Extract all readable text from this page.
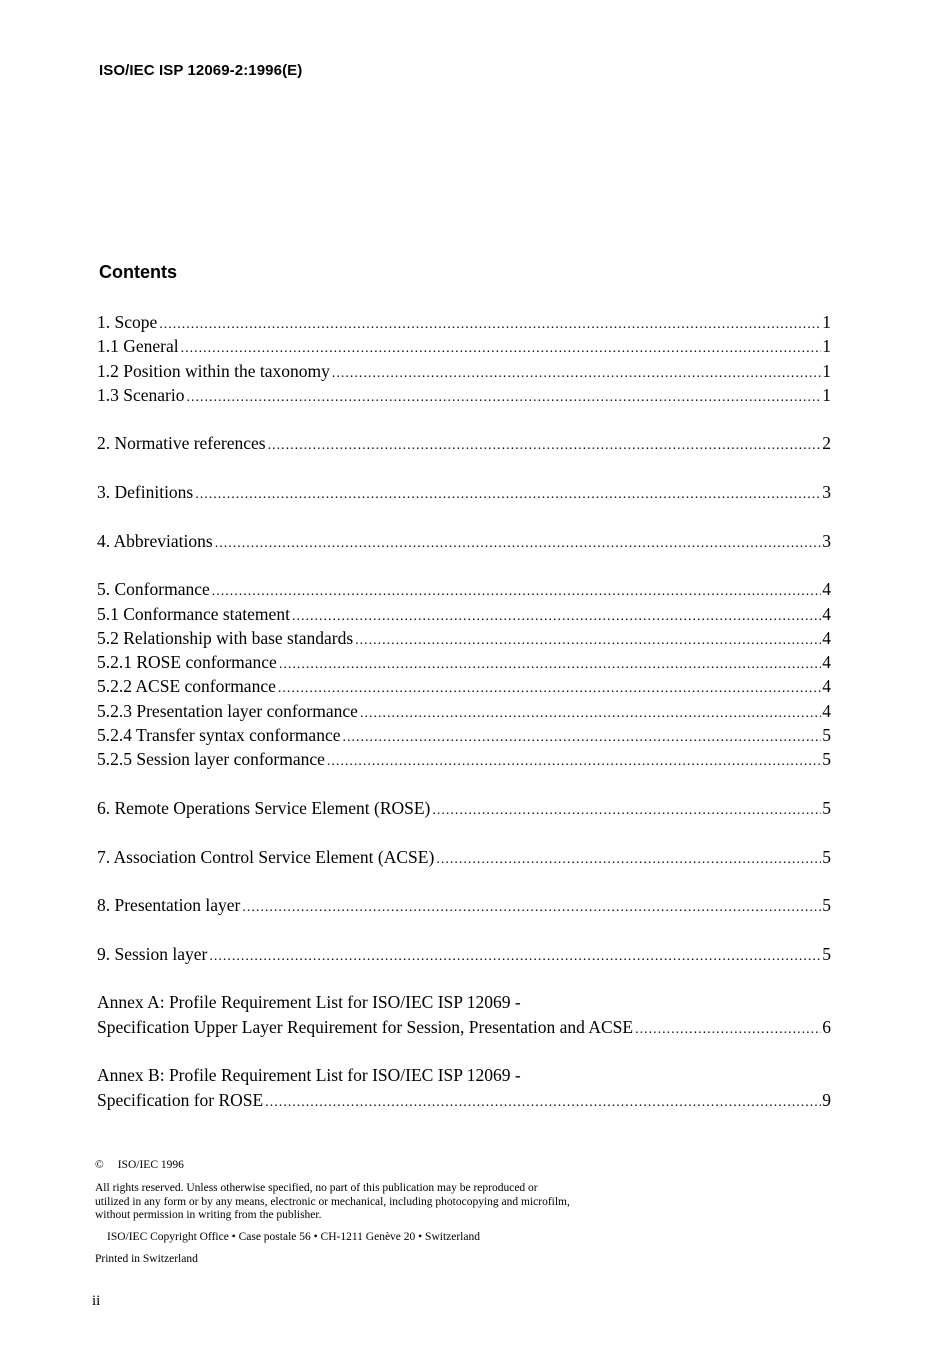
ISO/IEC ISP 12069-2:1996(E)
Contents
1. Scope .....	1
1.1 General .....	1
1.2 Position within the taxonomy .....	1
1.3 Scenario .....	1
2. Normative references .....	2
3. Definitions .....	3
4. Abbreviations .....	3
5. Conformance .....	4
5.1 Conformance statement .....	4
5.2 Relationship with base standards .....	4
5.2.1 ROSE conformance .....	4
5.2.2 ACSE conformance .....	4
5.2.3 Presentation layer conformance .....	4
5.2.4 Transfer syntax conformance .....	5
5.2.5 Session layer conformance .....	5
6. Remote Operations Service Element (ROSE) .....	5
7. Association Control Service Element (ACSE) .....	5
8. Presentation layer .....	5
9. Session layer .....	5
Annex A: Profile Requirement List for ISO/IEC ISP 12069 -
Specification Upper Layer Requirement for Session, Presentation and ACSE .....	6
Annex B: Profile Requirement List for ISO/IEC ISP 12069 -
Specification for ROSE .....	9
© ISO/IEC 1996
All rights reserved. Unless otherwise specified, no part of this publication may be reproduced or
utilized in any form or by any means, electronic or mechanical, including photocopying and microfilm,
without permission in writing from the publisher.
ISO/IEC Copyright Office • Case postale 56 • CH-1211 Genève 20 • Switzerland
Printed in Switzerland
ii
